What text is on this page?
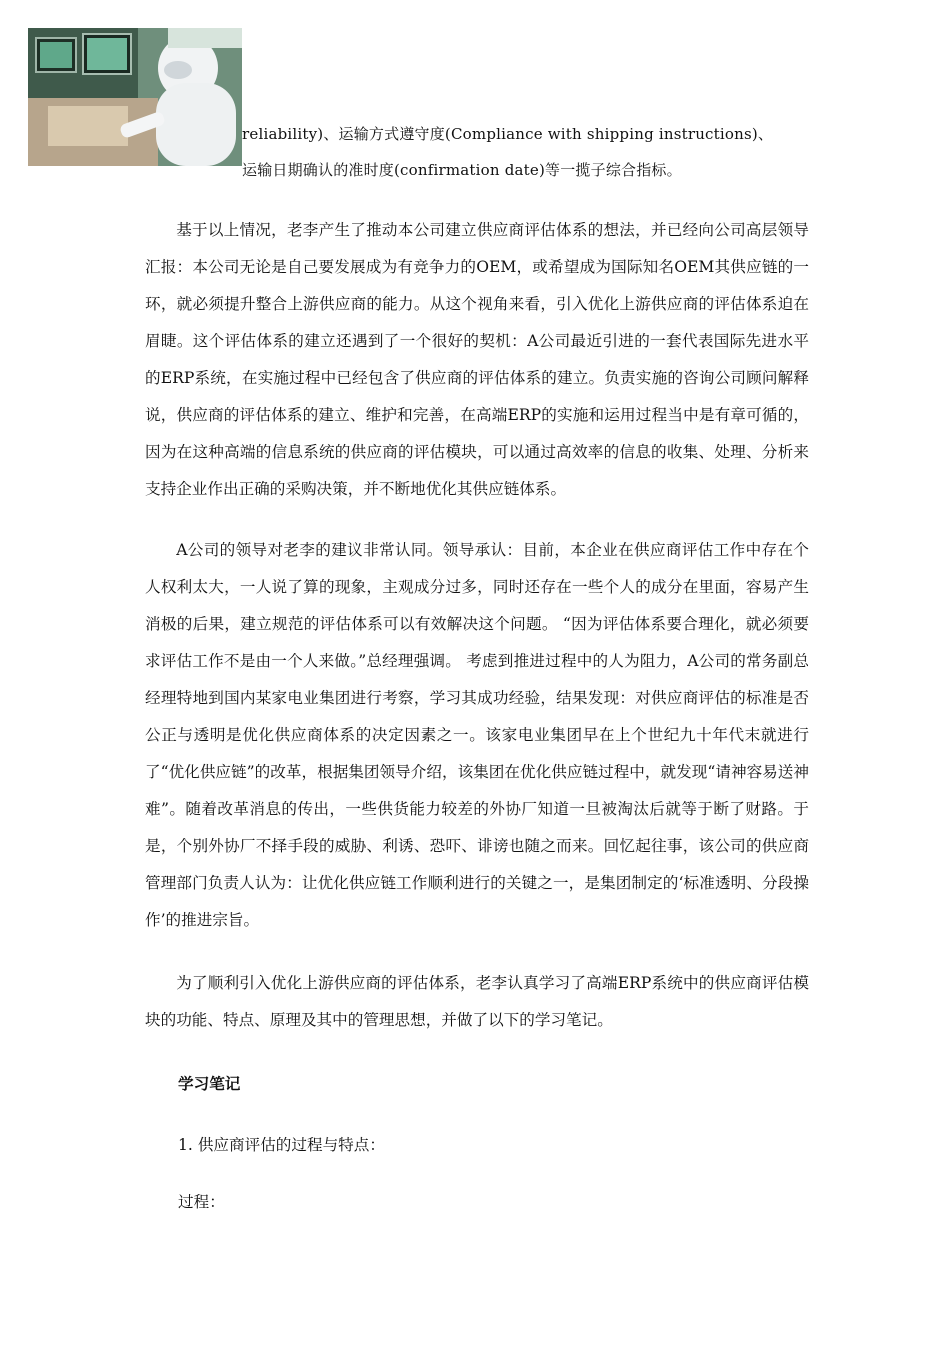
reliability)、运输方式遵守度(Compliance with shipping instructions)、
运输日期确认的准时度(confirmation date)等一揽子综合指标。

基于以上情况，老李产生了推动本公司建立供应商评估体系的想法，并已经向公司高层领导汇报：本公司无论是自己要发展成为有竞争力的OEM，或希望成为国际知名OEM其供应链的一环，就必须提升整合上游供应商的能力。从这个视角来看，引入优化上游供应商的评估体系迫在眉睫。这个评估体系的建立还遇到了一个很好的契机：A公司最近引进的一套代表国际先进水平的ERP系统，在实施过程中已经包含了供应商的评估体系的建立。负责实施的咨询公司顾问解释说，供应商的评估体系的建立、维护和完善，在高端ERP的实施和运用过程当中是有章可循的，因为在这种高端的信息系统的供应商的评估模块，可以通过高效率的信息的收集、处理、分析来支持企业作出正确的采购决策，并不断地优化其供应链体系。

A公司的领导对老李的建议非常认同。领导承认：目前，本企业在供应商评估工作中存在个人权利太大，一人说了算的现象，主观成分过多，同时还存在一些个人的成分在里面，容易产生消极的后果，建立规范的评估体系可以有效解决这个问题。 “因为评估体系要合理化，就必须要求评估工作不是由一个人来做。”总经理强调。 考虑到推进过程中的人为阻力，A公司的常务副总经理特地到国内某家电业集团进行考察，学习其成功经验，结果发现：对供应商评估的标准是否公正与透明是优化供应商体系的决定因素之一。该家电业集团早在上个世纪九十年代末就进行了“优化供应链”的改革，根据集团领导介绍，该集团在优化供应链过程中，就发现“请神容易送神难”。随着改革消息的传出，一些供货能力较差的外协厂知道一旦被淘汰后就等于断了财路。于是，个别外协厂不择手段的威胁、利诱、恐吓、诽谤也随之而来。回忆起往事，该公司的供应商管理部门负责人认为：让优化供应链工作顺利进行的关键之一，是集团制定的‘标准透明、分段操作’的推进宗旨。

为了顺利引入优化上游供应商的评估体系，老李认真学习了高端ERP系统中的供应商评估模块的功能、特点、原理及其中的管理思想，并做了以下的学习笔记。

学习笔记

1. 供应商评估的过程与特点：

过程：
